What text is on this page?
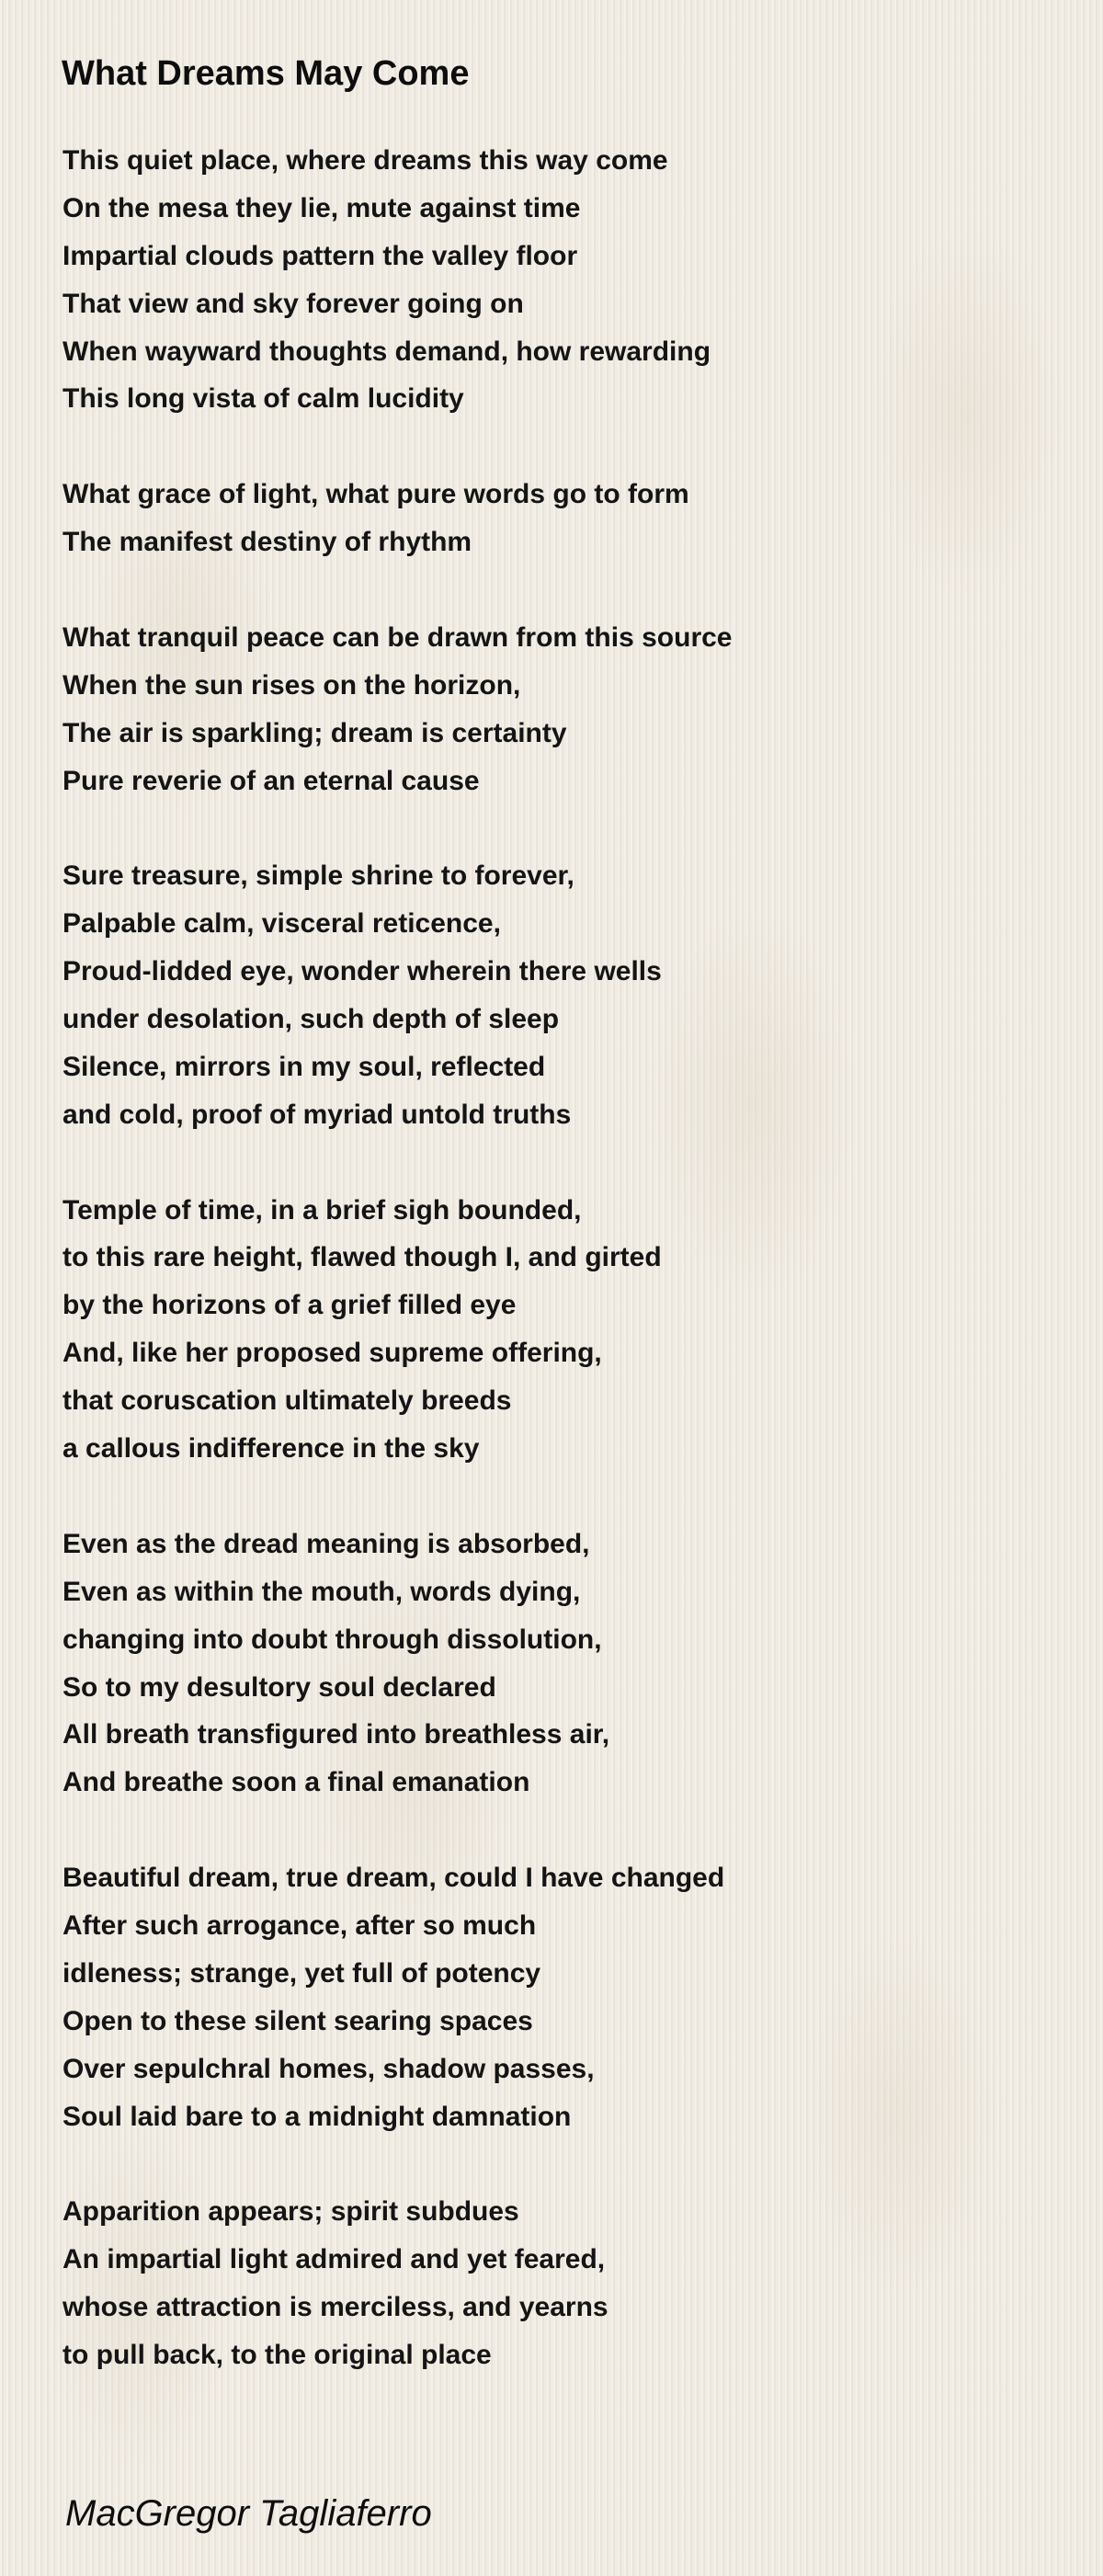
What Dreams May Come
This quiet place, where dreams this way come
On the mesa they lie, mute against time
Impartial clouds pattern the valley floor
That view and sky forever going on
When wayward thoughts demand, how rewarding
This long vista of calm lucidity
What grace of light, what pure words go to form
The manifest destiny of rhythm
What tranquil peace can be drawn from this source
When the sun rises on the horizon,
The air is sparkling; dream is certainty
Pure reverie of an eternal cause
Sure treasure, simple shrine to forever,
Palpable calm, visceral reticence,
Proud-lidded eye, wonder wherein there wells
under desolation, such depth of sleep
Silence, mirrors in my soul, reflected
and cold, proof of myriad untold truths
Temple of time, in a brief sigh bounded,
to this rare height, flawed though I, and girted
by the horizons of a grief filled eye
And, like her proposed supreme offering,
that coruscation ultimately breeds
a callous indifference in the sky
Even as the dread meaning is absorbed,
Even as within the mouth, words dying,
changing into doubt through dissolution,
So to my desultory soul declared
All breath transfigured into breathless air,
And breathe soon a final emanation
Beautiful dream, true dream, could I have changed
After such arrogance, after so much
idleness; strange, yet full of potency
Open to these silent searing spaces
Over sepulchral homes, shadow passes,
Soul laid bare to a midnight damnation
Apparition appears; spirit subdues
An impartial light admired and yet feared,
whose attraction is merciless, and yearns
to pull back, to the original place
MacGregor Tagliaferro
